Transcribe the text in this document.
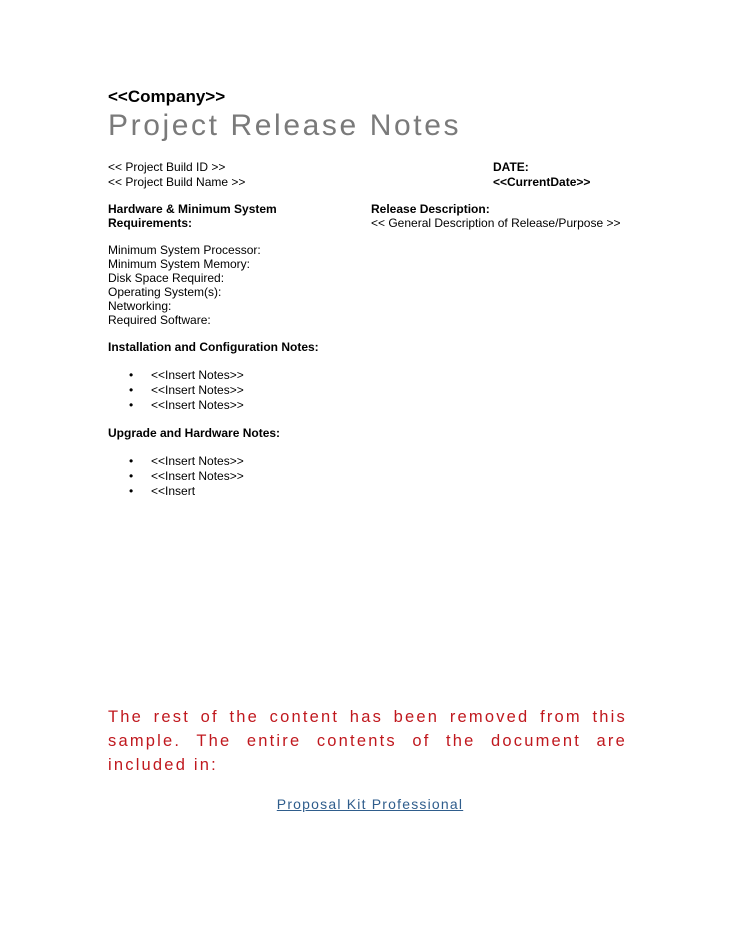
<<Company>>
Project Release Notes
<< Project Build ID >>
<< Project Build Name >>
DATE:
<<CurrentDate>>
Hardware & Minimum System
Requirements:
Release Description:
<< General Description of Release/Purpose >>
Minimum System Processor:
Minimum System Memory:
Disk Space Required:
Operating System(s):
Networking:
Required Software:
Installation and Configuration Notes:
• <<Insert Notes>>
• <<Insert Notes>>
• <<Insert Notes>>
Upgrade and Hardware Notes:
• <<Insert Notes>>
• <<Insert Notes>>
• <<Insert
The rest of the content has been removed from this sample. The entire contents of the document are included in:
Proposal Kit Professional
